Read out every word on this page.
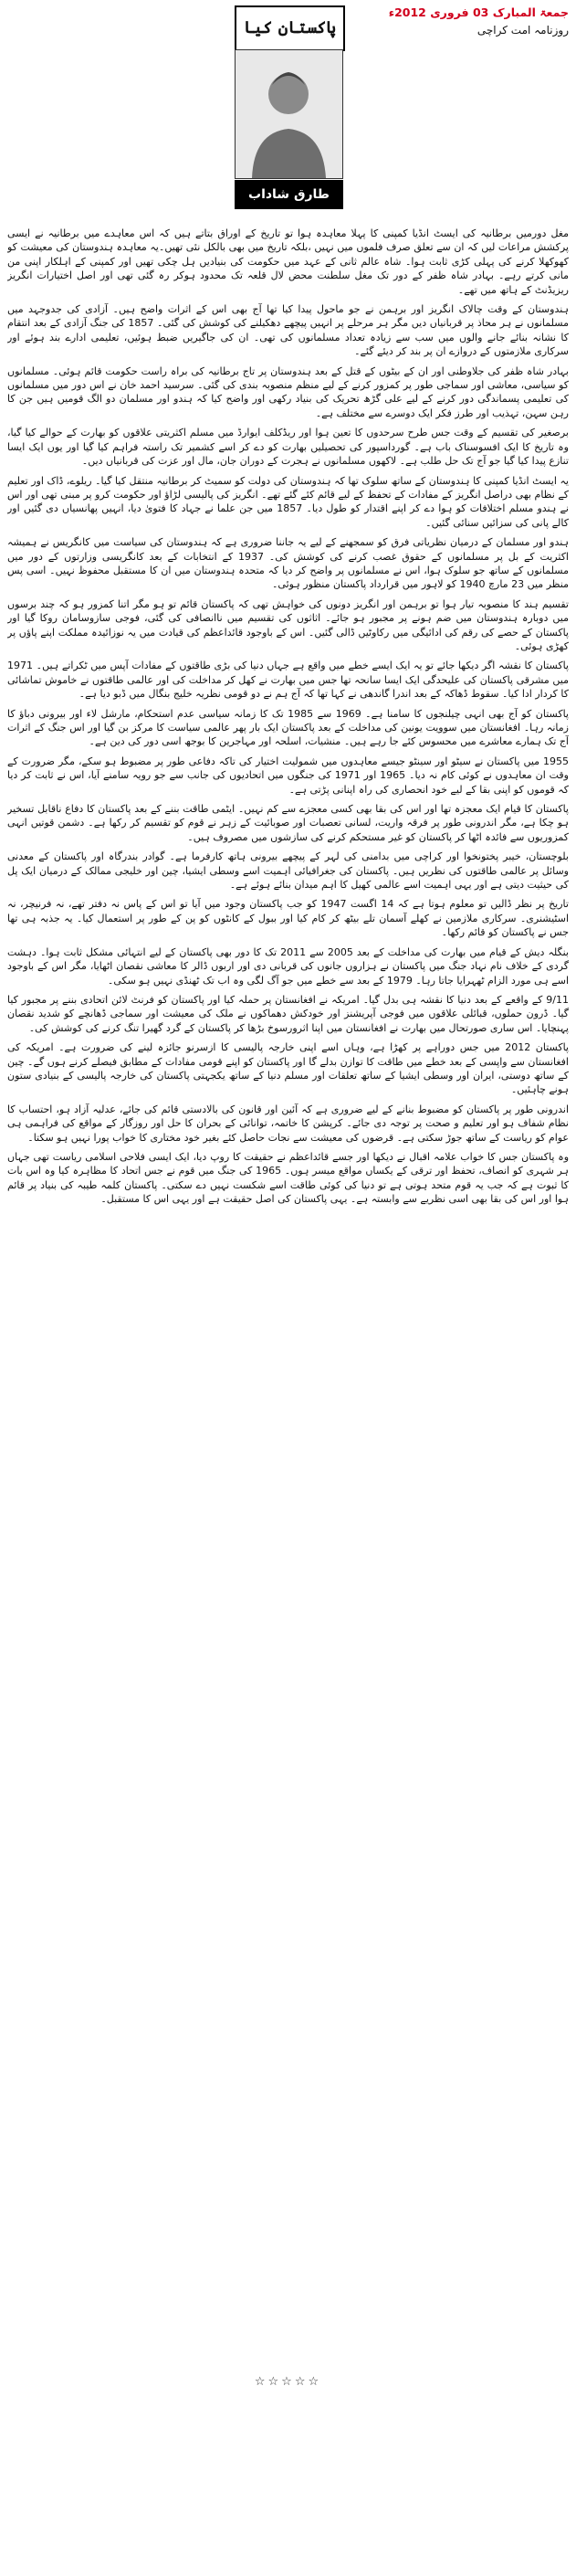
جمعۃ المبارک 03 فروری 2012ء
روزنامہ امت کراچی
پاکستان کیا
طارق شاداب

مغل دورمیں برطانیہ کی ایسٹ انڈیا کمپنی کا پہلا معاہدہ ہوا تو تاریخ کے اوراق بتاتے ہیں کہ اس معاہدے میں برطانیہ نے ایسی پرکشش مراعات لیں کہ ان سے تعلق صرف فلموں میں نہیں ،بلکہ تاریخ میں بھی بالکل نئی تھیں۔یہ معاہدہ ہندوستان کی معیشت کو کھوکھلا کرنے کی پہلی کڑی ثابت ہوا۔ شاہ عالم ثانی کے عہد میں حکومت کی بنیادیں ہل چکی تھیں اور کمپنی کے اہلکار اپنی من مانی کرتے رہے۔ بہادر شاہ ظفر کے دور تک مغل سلطنت محض لال قلعہ تک محدود ہوکر رہ گئی تھی اور اصل اختیارات انگریز ریزیڈنٹ کے ہاتھ میں تھے۔

ہندوستان کے وقت چالاک انگریز اور برہمن نے جو ماحول پیدا کیا تھا آج بھی اس کے اثرات واضح ہیں۔ آزادی کی جدوجہد میں مسلمانوں نے ہر محاذ پر قربانیاں دیں مگر ہر مرحلے پر انہیں پیچھے دھکیلنے کی کوشش کی گئی۔ 1857 کی جنگ آزادی کے بعد انتقام کا نشانہ بنائے جانے والوں میں سب سے زیادہ تعداد مسلمانوں کی تھی۔ ان کی جاگیریں ضبط ہوئیں، تعلیمی ادارے بند ہوئے اور سرکاری ملازمتوں کے دروازے ان پر بند کر دیئے گئے۔

بہادر شاہ ظفر کی جلاوطنی اور ان کے بیٹوں کے قتل کے بعد ہندوستان پر تاج برطانیہ کی براہ راست حکومت قائم ہوئی۔ مسلمانوں کو سیاسی، معاشی اور سماجی طور پر کمزور کرنے کے لیے منظم منصوبہ بندی کی گئی۔ سرسید احمد خان نے اس دور میں مسلمانوں کی تعلیمی پسماندگی دور کرنے کے لیے علی گڑھ تحریک کی بنیاد رکھی اور واضح کیا کہ ہندو اور مسلمان دو الگ قومیں ہیں جن کا رہن سہن، تہذیب اور طرز فکر ایک دوسرے سے مختلف ہے۔

برصغیر کی تقسیم کے وقت جس طرح سرحدوں کا تعین ہوا اور ریڈکلف ایوارڈ میں مسلم اکثریتی علاقوں کو بھارت کے حوالے کیا گیا، وہ تاریخ کا ایک افسوسناک باب ہے۔ گورداسپور کی تحصیلیں بھارت کو دے کر اسے کشمیر تک راستہ فراہم کیا گیا اور یوں ایک ایسا تنازع پیدا کیا گیا جو آج تک حل طلب ہے۔ لاکھوں مسلمانوں نے ہجرت کے دوران جان، مال اور عزت کی قربانیاں دیں۔

یہ ایسٹ انڈیا کمپنی کا ہندوستان کے ساتھ سلوک تھا کہ ہندوستان کی دولت کو سمیٹ کر برطانیہ منتقل کیا گیا۔ ریلوے، ڈاک اور تعلیم کے نظام بھی دراصل انگریز کے مفادات کے تحفظ کے لیے قائم کئے گئے تھے۔ انگریز کی پالیسی لڑاؤ اور حکومت کرو پر مبنی تھی اور اس نے ہندو مسلم اختلافات کو ہوا دے کر اپنے اقتدار کو طول دیا۔ 1857 میں جن علما نے جہاد کا فتویٰ دیا، انہیں پھانسیاں دی گئیں اور کالے پانی کی سزائیں سنائی گئیں۔

ہندو اور مسلمان کے درمیان نظریاتی فرق کو سمجھنے کے لیے یہ جاننا ضروری ہے کہ ہندوستان کی سیاست میں کانگریس نے ہمیشہ اکثریت کے بل پر مسلمانوں کے حقوق غصب کرنے کی کوشش کی۔ 1937 کے انتخابات کے بعد کانگریسی وزارتوں کے دور میں مسلمانوں کے ساتھ جو سلوک ہوا، اس نے مسلمانوں پر واضح کر دیا کہ متحدہ ہندوستان میں ان کا مستقبل محفوظ نہیں۔ اسی پس منظر میں 23 مارچ 1940 کو لاہور میں قرارداد پاکستان منظور ہوئی۔

تقسیم ہند کا منصوبہ تیار ہوا تو برہمن اور انگریز دونوں کی خواہش تھی کہ پاکستان قائم تو ہو مگر اتنا کمزور ہو کہ چند برسوں میں دوبارہ ہندوستان میں ضم ہونے پر مجبور ہو جائے۔ اثاثوں کی تقسیم میں ناانصافی کی گئی، فوجی سازوسامان روکا گیا اور پاکستان کے حصے کی رقم کی ادائیگی میں رکاوٹیں ڈالی گئیں۔ اس کے باوجود قائداعظم کی قیادت میں یہ نوزائیدہ مملکت اپنے پاؤں پر کھڑی ہوئی۔

پاکستان کا نقشہ اگر دیکھا جائے تو یہ ایک ایسے خطے میں واقع ہے جہاں دنیا کی بڑی طاقتوں کے مفادات آپس میں ٹکراتے ہیں۔ 1971 میں مشرقی پاکستان کی علیحدگی ایک ایسا سانحہ تھا جس میں بھارت نے کھل کر مداخلت کی اور عالمی طاقتوں نے خاموش تماشائی کا کردار ادا کیا۔ سقوط ڈھاکہ کے بعد اندرا گاندھی نے کہا تھا کہ آج ہم نے دو قومی نظریہ خلیج بنگال میں ڈبو دیا ہے۔

پاکستان کو آج بھی انہی چیلنجوں کا سامنا ہے۔ 1969 سے 1985 تک کا زمانہ سیاسی عدم استحکام، مارشل لاء اور بیرونی دباؤ کا زمانہ رہا۔ افغانستان میں سوویت یونین کی مداخلت کے بعد پاکستان ایک بار پھر عالمی سیاست کا مرکز بن گیا اور اس جنگ کے اثرات آج تک ہمارے معاشرے میں محسوس کئے جا رہے ہیں۔ منشیات، اسلحہ اور مہاجرین کا بوجھ اسی دور کی دین ہے۔

1955 میں پاکستان نے سیٹو اور سینٹو جیسے معاہدوں میں شمولیت اختیار کی تاکہ دفاعی طور پر مضبوط ہو سکے، مگر ضرورت کے وقت ان معاہدوں نے کوئی کام نہ دیا۔ 1965 اور 1971 کی جنگوں میں اتحادیوں کی جانب سے جو رویہ سامنے آیا، اس نے ثابت کر دیا کہ قوموں کو اپنی بقا کے لیے خود انحصاری کی راہ اپنانی پڑتی ہے۔

پاکستان کا قیام ایک معجزہ تھا اور اس کی بقا بھی کسی معجزے سے کم نہیں۔ ایٹمی طاقت بننے کے بعد پاکستان کا دفاع ناقابل تسخیر ہو چکا ہے، مگر اندرونی طور پر فرقہ واریت، لسانی تعصبات اور صوبائیت کے زہر نے قوم کو تقسیم کر رکھا ہے۔ دشمن قوتیں انہی کمزوریوں سے فائدہ اٹھا کر پاکستان کو غیر مستحکم کرنے کی سازشوں میں مصروف ہیں۔

بلوچستان، خیبر پختونخوا اور کراچی میں بدامنی کی لہر کے پیچھے بیرونی ہاتھ کارفرما ہے۔ گوادر بندرگاہ اور پاکستان کے معدنی وسائل پر عالمی طاقتوں کی نظریں ہیں۔ پاکستان کی جغرافیائی اہمیت اسے وسطی ایشیا، چین اور خلیجی ممالک کے درمیان ایک پل کی حیثیت دیتی ہے اور یہی اہمیت اسے عالمی کھیل کا اہم میدان بنائے ہوئے ہے۔

تاریخ پر نظر ڈالیں تو معلوم ہوتا ہے کہ 14 اگست 1947 کو جب پاکستان وجود میں آیا تو اس کے پاس نہ دفتر تھے، نہ فرنیچر، نہ اسٹیشنری۔ سرکاری ملازمین نے کھلے آسمان تلے بیٹھ کر کام کیا اور ببول کے کانٹوں کو پن کے طور پر استعمال کیا۔ یہ جذبہ ہی تھا جس نے پاکستان کو قائم رکھا۔

بنگلہ دیش کے قیام میں بھارت کی مداخلت کے بعد 2005 سے 2011 تک کا دور بھی پاکستان کے لیے انتہائی مشکل ثابت ہوا۔ دہشت گردی کے خلاف نام نہاد جنگ میں پاکستان نے ہزاروں جانوں کی قربانی دی اور اربوں ڈالر کا معاشی نقصان اٹھایا، مگر اس کے باوجود اسے ہی مورد الزام ٹھہرایا جاتا رہا۔ 1979 کے بعد سے خطے میں جو آگ لگی وہ اب تک ٹھنڈی نہیں ہو سکی۔

9/11 کے واقعے کے بعد دنیا کا نقشہ ہی بدل گیا۔ امریکہ نے افغانستان پر حملہ کیا اور پاکستان کو فرنٹ لائن اتحادی بننے پر مجبور کیا گیا۔ ڈرون حملوں، قبائلی علاقوں میں فوجی آپریشنز اور خودکش دھماکوں نے ملک کی معیشت اور سماجی ڈھانچے کو شدید نقصان پہنچایا۔ اس ساری صورتحال میں بھارت نے افغانستان میں اپنا اثرورسوخ بڑھا کر پاکستان کے گرد گھیرا تنگ کرنے کی کوشش کی۔

پاکستان 2012 میں جس دوراہے پر کھڑا ہے، وہاں اسے اپنی خارجہ پالیسی کا ازسرنو جائزہ لینے کی ضرورت ہے۔ امریکہ کی افغانستان سے واپسی کے بعد خطے میں طاقت کا توازن بدلے گا اور پاکستان کو اپنے قومی مفادات کے مطابق فیصلے کرنے ہوں گے۔ چین کے ساتھ دوستی، ایران اور وسطی ایشیا کے ساتھ تعلقات اور مسلم دنیا کے ساتھ یکجہتی پاکستان کی خارجہ پالیسی کے بنیادی ستون ہونے چاہئیں۔

اندرونی طور پر پاکستان کو مضبوط بنانے کے لیے ضروری ہے کہ آئین اور قانون کی بالادستی قائم کی جائے، عدلیہ آزاد ہو، احتساب کا نظام شفاف ہو اور تعلیم و صحت پر توجہ دی جائے۔ کرپشن کا خاتمہ، توانائی کے بحران کا حل اور روزگار کے مواقع کی فراہمی ہی عوام کو ریاست کے ساتھ جوڑ سکتی ہے۔ قرضوں کی معیشت سے نجات حاصل کئے بغیر خود مختاری کا خواب پورا نہیں ہو سکتا۔

وہ پاکستان جس کا خواب علامہ اقبال نے دیکھا اور جسے قائداعظم نے حقیقت کا روپ دیا، ایک ایسی فلاحی اسلامی ریاست تھی جہاں ہر شہری کو انصاف، تحفظ اور ترقی کے یکساں مواقع میسر ہوں۔ 1965 کی جنگ میں قوم نے جس اتحاد کا مظاہرہ کیا وہ اس بات کا ثبوت ہے کہ جب یہ قوم متحد ہوتی ہے تو دنیا کی کوئی طاقت اسے شکست نہیں دے سکتی۔ پاکستان کلمہ طیبہ کی بنیاد پر قائم ہوا اور اس کی بقا بھی اسی نظریے سے وابستہ ہے۔ یہی پاکستان کی اصل حقیقت ہے اور یہی اس کا مستقبل۔

☆☆☆☆☆
